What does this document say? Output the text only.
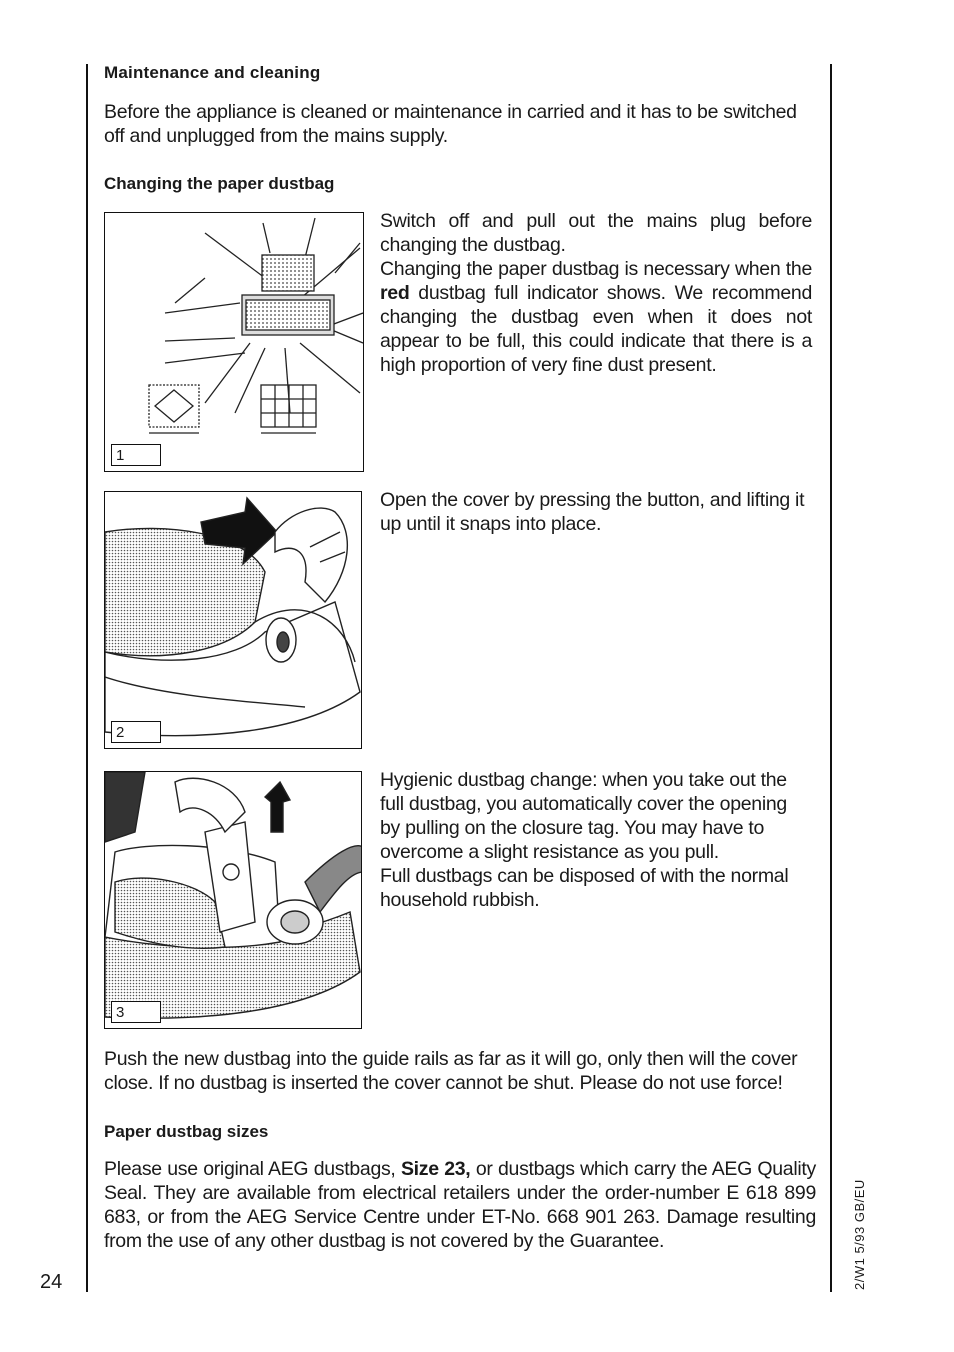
Maintenance and cleaning
Before the appliance is cleaned or maintenance in carried and it has to be switched off and unplugged from the mains supply.
Changing the paper dustbag
1
Switch off and pull out the mains plug before changing the dustbag.
Changing the paper dustbag is necessary when the red dustbag full indicator shows. We recommend changing the dustbag even when it does not appear to be full, this could indicate that there is a high proportion of very fine dust present.
2
Open the cover by pressing the button, and lifting it up until it snaps into place.
3
Hygienic dustbag change: when you take out the full dustbag, you automatically cover the opening by pulling on the closure tag. You may have to overcome a slight resistance as you pull.
Full dustbags can be disposed of with the normal household rubbish.
Push the new dustbag into the guide rails as far as it will go, only then will the cover close. If no dustbag is inserted the cover cannot be shut. Please do not use force!
Paper dustbag sizes
Please use original AEG dustbags, Size 23, or dustbags which carry the AEG Quality Seal. They are available from electrical retailers under the order-number E 618 899 683, or from the AEG Service Centre under ET-No. 668 901 263. Damage resulting from the use of any other dustbag is not covered by the Guarantee.
24	2/W1 5/93 GB/EU
